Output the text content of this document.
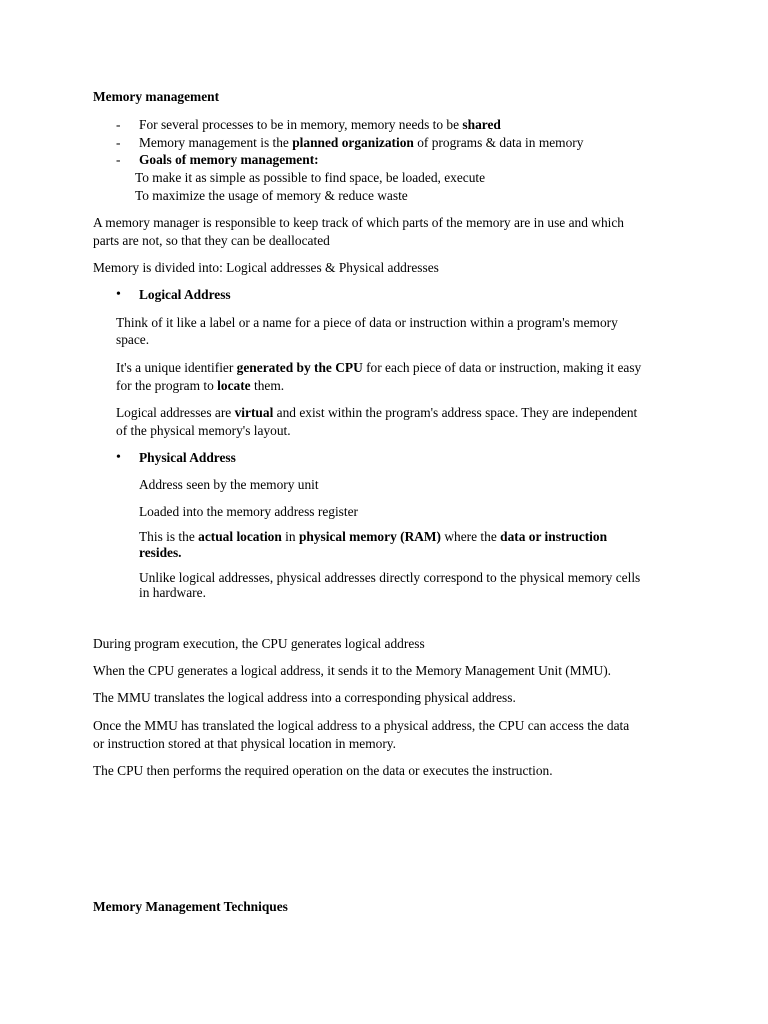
Memory management
-	For several processes to be in memory, memory needs to be shared
-	Memory management is the planned organization of programs & data in memory
-	Goals of memory management:
To make it as simple as possible to find space, be loaded, execute
To maximize the usage of memory & reduce waste
A memory manager is responsible to keep track of which parts of the memory are in use and which
parts are not, so that they can be deallocated
Memory is divided into: Logical addresses & Physical addresses
• Logical Address
Think of it like a label or a name for a piece of data or instruction within a program's memory
space.
It's a unique identifier generated by the CPU for each piece of data or instruction, making it easy
for the program to locate them.
Logical addresses are virtual and exist within the program's address space. They are independent
of the physical memory's layout.
• Physical Address
Address seen by the memory unit
Loaded into the memory address register
This is the actual location in physical memory (RAM) where the data or instruction
resides.
Unlike logical addresses, physical addresses directly correspond to the physical memory cells
in hardware.
During program execution, the CPU generates logical address
When the CPU generates a logical address, it sends it to the Memory Management Unit (MMU).
The MMU translates the logical address into a corresponding physical address.
Once the MMU has translated the logical address to a physical address, the CPU can access the data
or instruction stored at that physical location in memory.
The CPU then performs the required operation on the data or executes the instruction.
Memory Management Techniques
